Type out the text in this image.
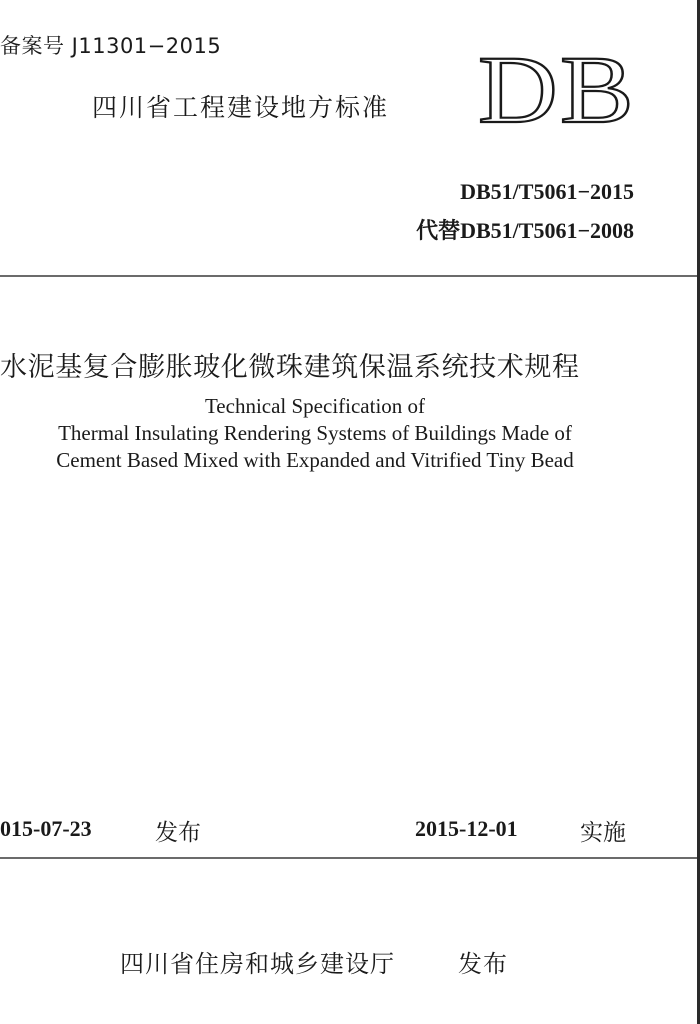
备案号 J11301−2015
四川省工程建设地方标准 DB
DB51/T5061−2015
代替DB51/T5061−2008
水泥基复合膨胀玻化微珠建筑保温系统技术规程
Technical Specification of
Thermal Insulating Rendering Systems of Buildings Made of
Cement Based Mixed with Expanded and Vitrified Tiny Bead
015-07-23	发布	2015-12-01	实施
四川省住房和城乡建设厅	发布
